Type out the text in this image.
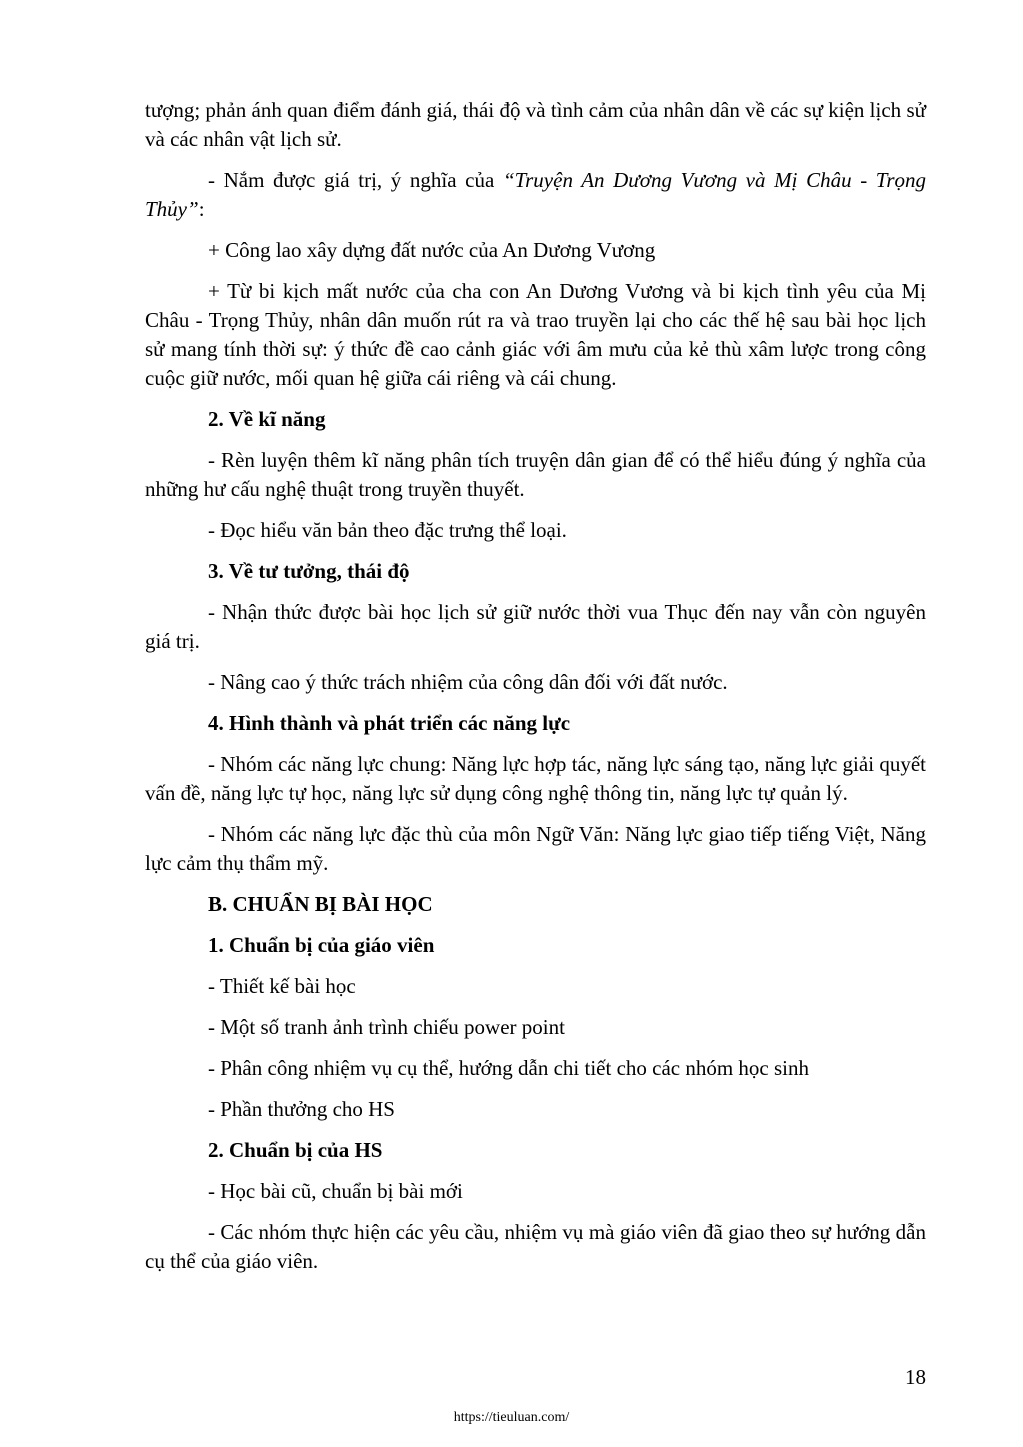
tượng; phản ánh quan điểm đánh giá, thái độ và tình cảm của nhân dân về các sự kiện lịch sử và các nhân vật lịch sử.

- Nắm được giá trị, ý nghĩa của “Truyện An Dương Vương và Mị Châu - Trọng Thủy”:

+ Công lao xây dựng đất nước của An Dương Vương

+ Từ bi kịch mất nước của cha con An Dương Vương và bi kịch tình yêu của Mị Châu - Trọng Thủy, nhân dân muốn rút ra và trao truyền lại cho các thế hệ sau bài học lịch sử mang tính thời sự: ý thức đề cao cảnh giác với âm mưu của kẻ thù xâm lược trong công cuộc giữ nước, mối quan hệ giữa cái riêng và cái chung.

2. Về kĩ năng

- Rèn luyện thêm kĩ năng phân tích truyện dân gian để có thể hiểu đúng ý nghĩa của những hư cấu nghệ thuật trong truyền thuyết.

- Đọc hiểu văn bản theo đặc trưng thể loại.

3. Về tư tưởng, thái độ

- Nhận thức được bài học lịch sử giữ nước thời vua Thục đến nay vẫn còn nguyên giá trị.

- Nâng cao ý thức trách nhiệm của công dân đối với đất nước.

4. Hình thành và phát triển các năng lực

- Nhóm các năng lực chung: Năng lực hợp tác, năng lực sáng tạo, năng lực giải quyết vấn đề, năng lực tự học, năng lực sử dụng công nghệ thông tin, năng lực tự quản lý.

- Nhóm các năng lực đặc thù của môn Ngữ Văn: Năng lực giao tiếp tiếng Việt, Năng lực cảm thụ thẩm mỹ.

B. CHUẨN BỊ BÀI HỌC

1. Chuẩn bị của giáo viên

- Thiết kế bài học

- Một số tranh ảnh trình chiếu power point

- Phân công nhiệm vụ cụ thể, hướng dẫn chi tiết cho các nhóm học sinh

- Phần thưởng cho HS

2. Chuẩn bị của HS

- Học bài cũ, chuẩn bị bài mới

- Các nhóm thực hiện các yêu cầu, nhiệm vụ mà giáo viên đã giao theo sự hướng dẫn cụ thể của giáo viên.

18
https://tieuluan.com/
